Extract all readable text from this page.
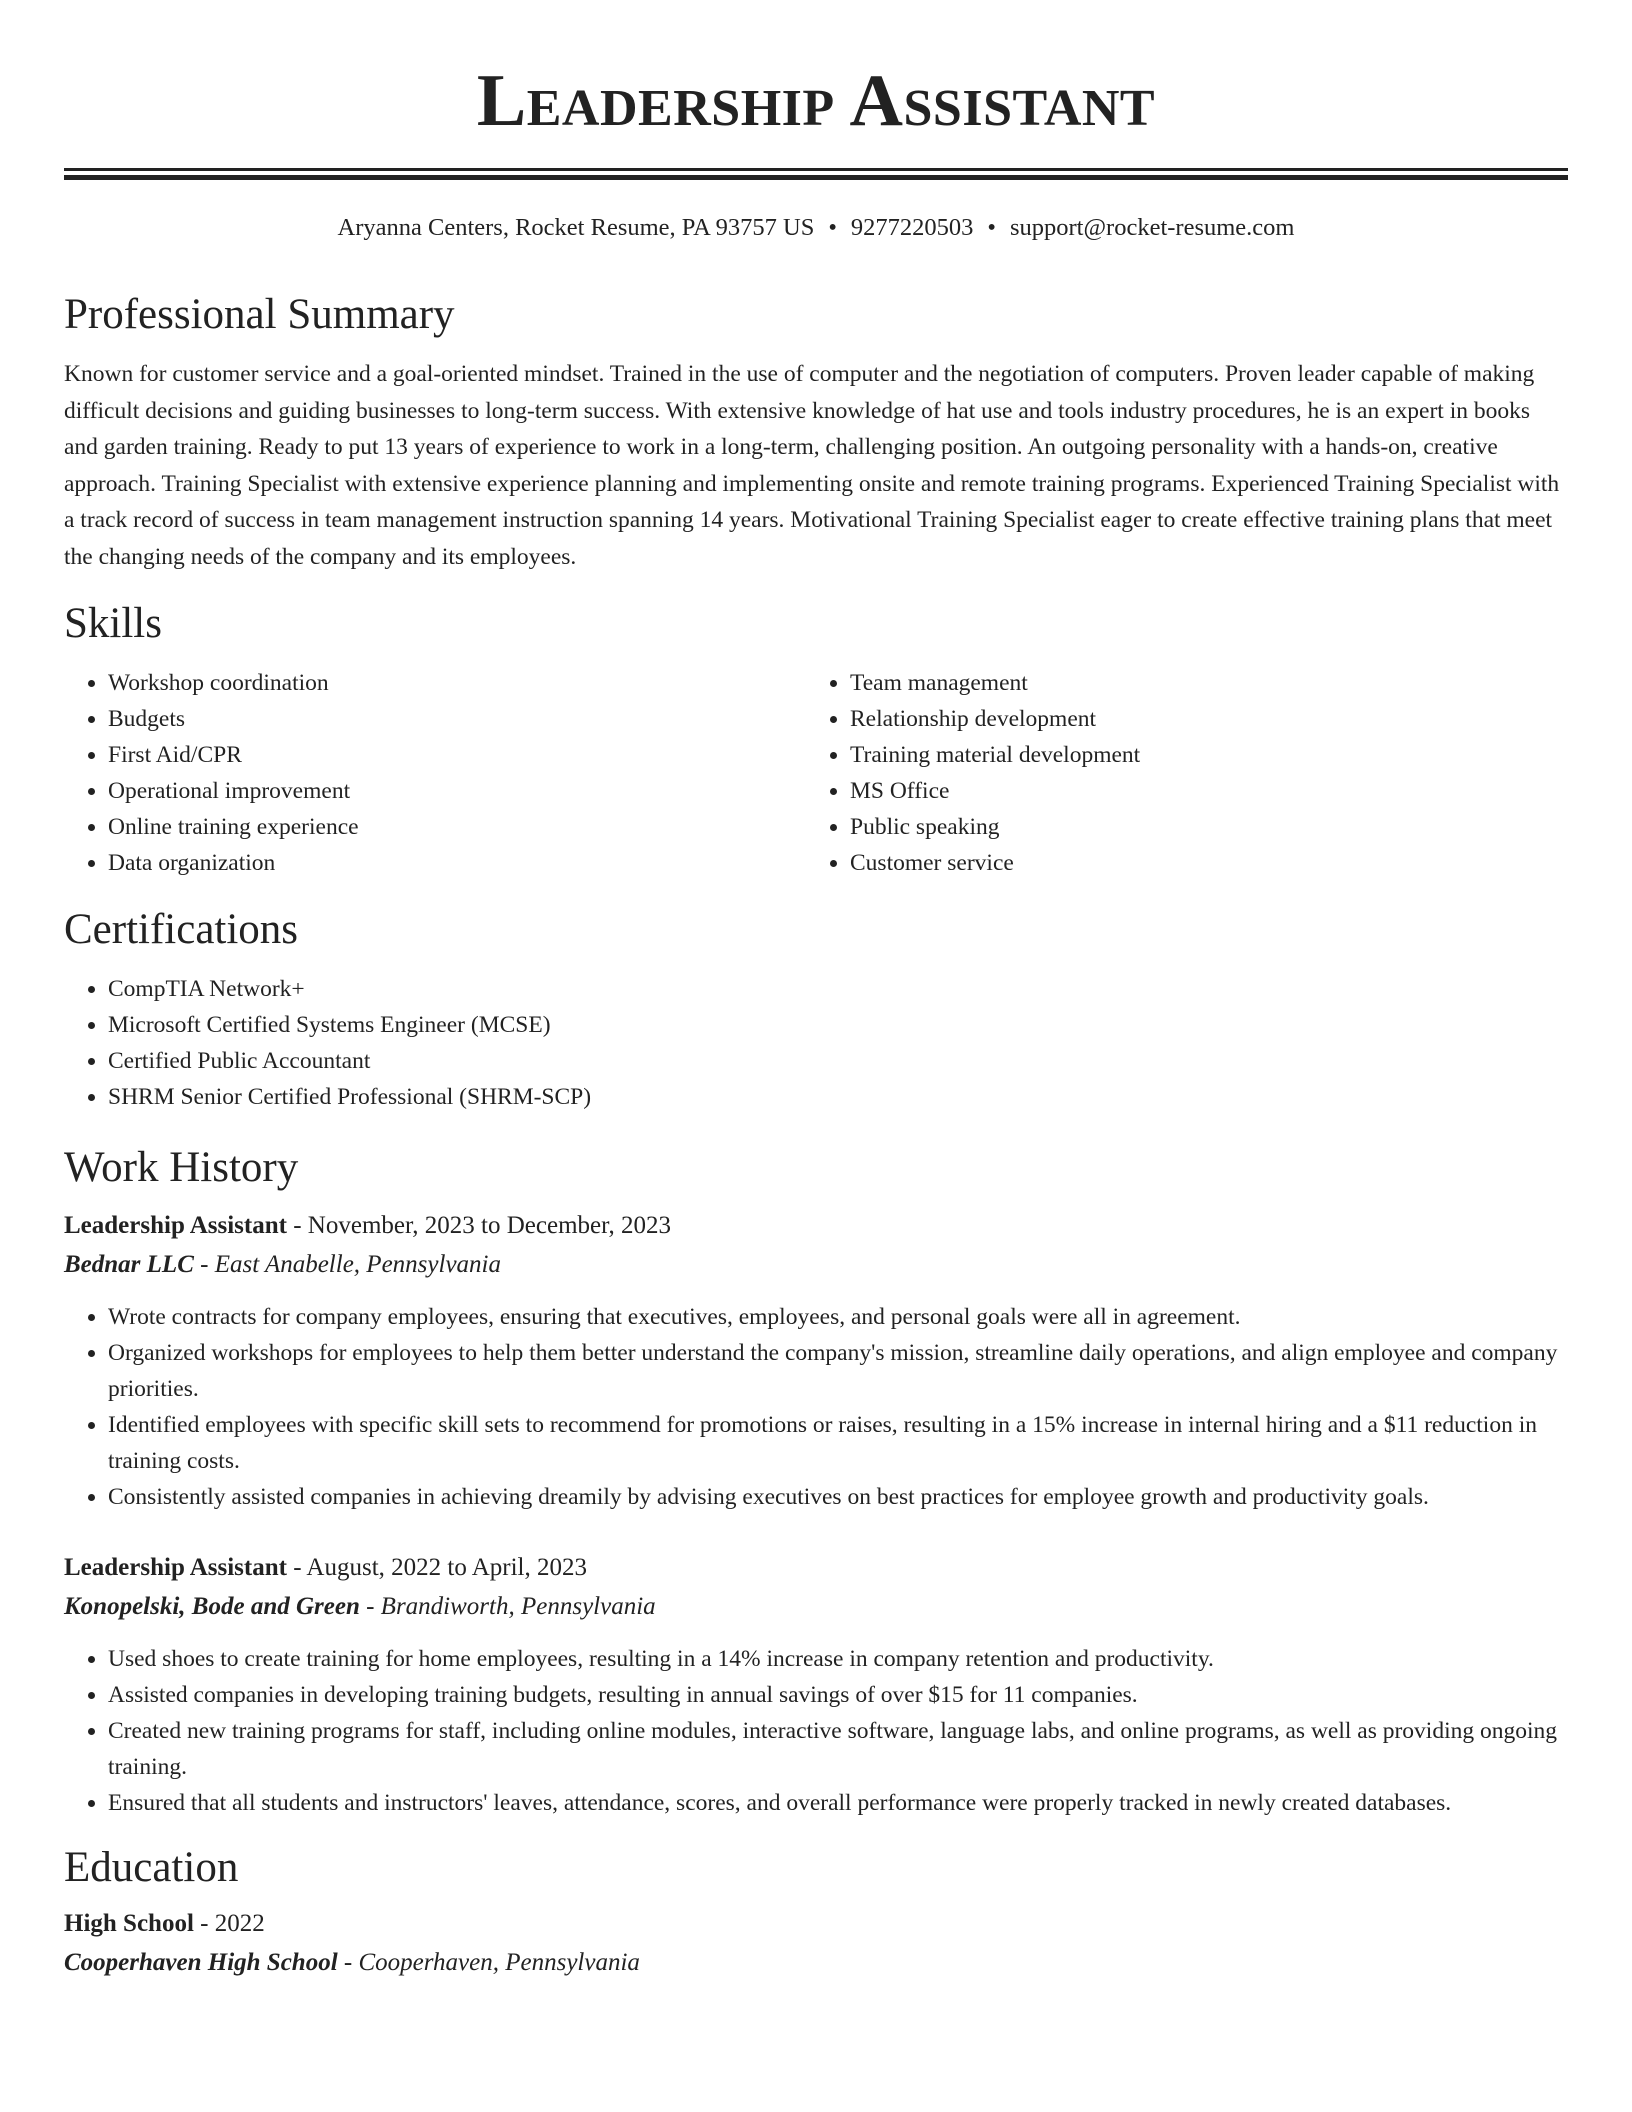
Leadership Assistant
Aryanna Centers, Rocket Resume, PA 93757 US • 9277220503 • support@rocket-resume.com
Professional Summary

Known for customer service and a goal-oriented mindset. Trained in the use of computer and the negotiation of computers. Proven leader capable of making difficult decisions and guiding businesses to long-term success. With extensive knowledge of hat use and tools industry procedures, he is an expert in books and garden training. Ready to put 13 years of experience to work in a long-term, challenging position. An outgoing personality with a hands-on, creative approach. Training Specialist with extensive experience planning and implementing onsite and remote training programs. Experienced Training Specialist with a track record of success in team management instruction spanning 14 years. Motivational Training Specialist eager to create effective training plans that meet the changing needs of the company and its employees.

Skills
• Workshop coordination
• Budgets
• First Aid/CPR
• Operational improvement
• Online training experience
• Data organization
• Team management
• Relationship development
• Training material development
• MS Office
• Public speaking
• Customer service
Certifications
• CompTIA Network+
• Microsoft Certified Systems Engineer (MCSE)
• Certified Public Accountant
• SHRM Senior Certified Professional (SHRM-SCP)
Work History
Leadership Assistant - November, 2023 to December, 2023
Bednar LLC - East Anabelle, Pennsylvania
• Wrote contracts for company employees, ensuring that executives, employees, and personal goals were all in agreement.
• Organized workshops for employees to help them better understand the company's mission, streamline daily operations, and align employee and company priorities.
• Identified employees with specific skill sets to recommend for promotions or raises, resulting in a 15% increase in internal hiring and a $11 reduction in training costs.
• Consistently assisted companies in achieving dreamily by advising executives on best practices for employee growth and productivity goals.
Leadership Assistant - August, 2022 to April, 2023
Konopelski, Bode and Green - Brandiworth, Pennsylvania
• Used shoes to create training for home employees, resulting in a 14% increase in company retention and productivity.
• Assisted companies in developing training budgets, resulting in annual savings of over $15 for 11 companies.
• Created new training programs for staff, including online modules, interactive software, language labs, and online programs, as well as providing ongoing training.
• Ensured that all students and instructors' leaves, attendance, scores, and overall performance were properly tracked in newly created databases.
Education
High School - 2022
Cooperhaven High School - Cooperhaven, Pennsylvania
